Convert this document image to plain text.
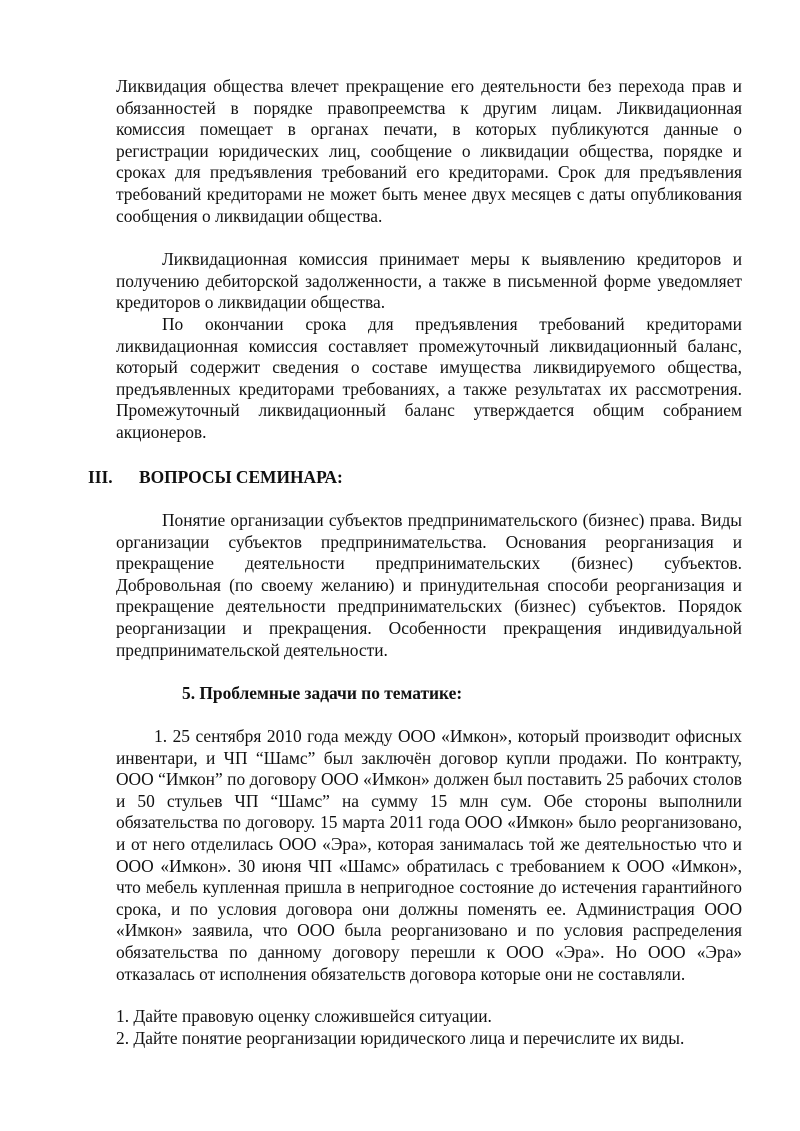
Ликвидация общества влечет прекращение его деятельности без перехода прав и обязанностей в порядке правопреемства к другим лицам. Ликвидационная комиссия помещает в органах печати, в которых публикуются данные о регистрации юридических лиц, сообщение о ликвидации общества, порядке и сроках для предъявления требований его кредиторами. Срок для предъявления требований кредиторами не может быть менее двух месяцев с даты опубликования сообщения о ликвидации общества.

Ликвидационная комиссия принимает меры к выявлению кредиторов и получению дебиторской задолженности, а также в письменной форме уведомляет кредиторов о ликвидации общества.

По окончании срока для предъявления требований кредиторами ликвидационная комиссия составляет промежуточный ликвидационный баланс, который содержит сведения о составе имущества ликвидируемого общества, предъявленных кредиторами требованиях, а также результатах их рассмотрения. Промежуточный ликвидационный баланс утверждается общим собранием акционеров.

III. ВОПРОСЫ СЕМИНАРА:

Понятие организации субъектов предпринимательского (бизнес) права. Виды организации субъектов предпринимательства. Основания реорганизация и прекращение деятельности предпринимательских (бизнес) субъектов. Добровольная (по своему желанию) и принудительная способи реорганизация и прекращение деятельности предпринимательских (бизнес) субъектов. Порядок реорганизации и прекращения. Особенности прекращения индивидуальной предпринимательской деятельности.

5. Проблемные задачи по тематике:

1. 25 сентября 2010 года между ООО «Имкон», который производит офисных инвентари, и ЧП “Шамс” был заключён договор купли продажи. По контракту, ООО “Имкон” по договору ООО «Имкон» должен был поставить 25 рабочих столов и 50 стульев ЧП “Шамс” на сумму 15 млн сум. Обе стороны выполнили обязательства по договору. 15 марта 2011 года ООО «Имкон» было реорганизовано, и от него отделилась ООО «Эра», которая занималась той же деятельностью что и ООО «Имкон». 30 июня ЧП «Шамс» обратилась с требованием к ООО «Имкон», что мебель купленная пришла в непригодное состояние до истечения гарантийного срока, и по условия договора они должны поменять ее. Администрация ООО «Имкон» заявила, что ООО была реорганизовано и по условия распределения обязательства по данному договору перешли к ООО «Эра». Но ООО «Эра» отказалась от исполнения обязательств договора которые они не составляли.

1. Дайте правовую оценку сложившейся ситуации.

2. Дайте понятие реорганизации юридического лица и перечислите их виды.
